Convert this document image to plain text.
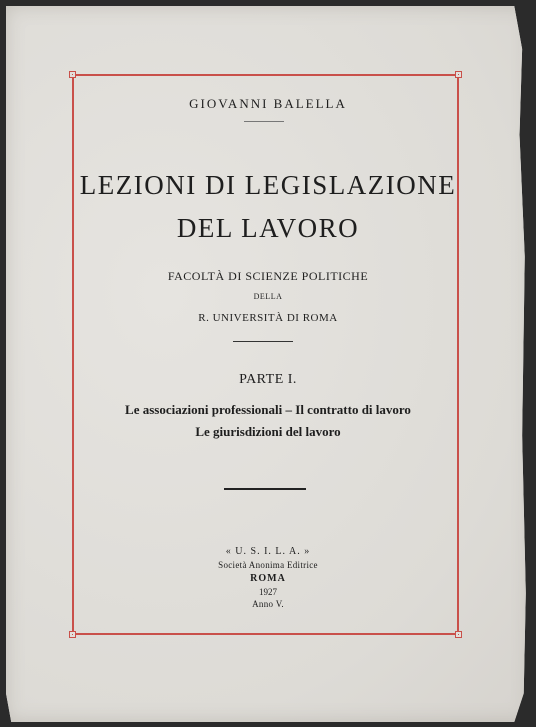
GIOVANNI BALELLA
LEZIONI DI LEGISLAZIONE
DEL LAVORO
FACOLTÀ DI SCIENZE POLITICHE
DELLA
R. UNIVERSITÀ DI ROMA
PARTE I.
Le associazioni professionali – Il contratto di lavoro
Le giurisdizioni del lavoro
« U. S. I. L. A. »
Società Anonima Editrice
ROMA
1927
Anno V.
